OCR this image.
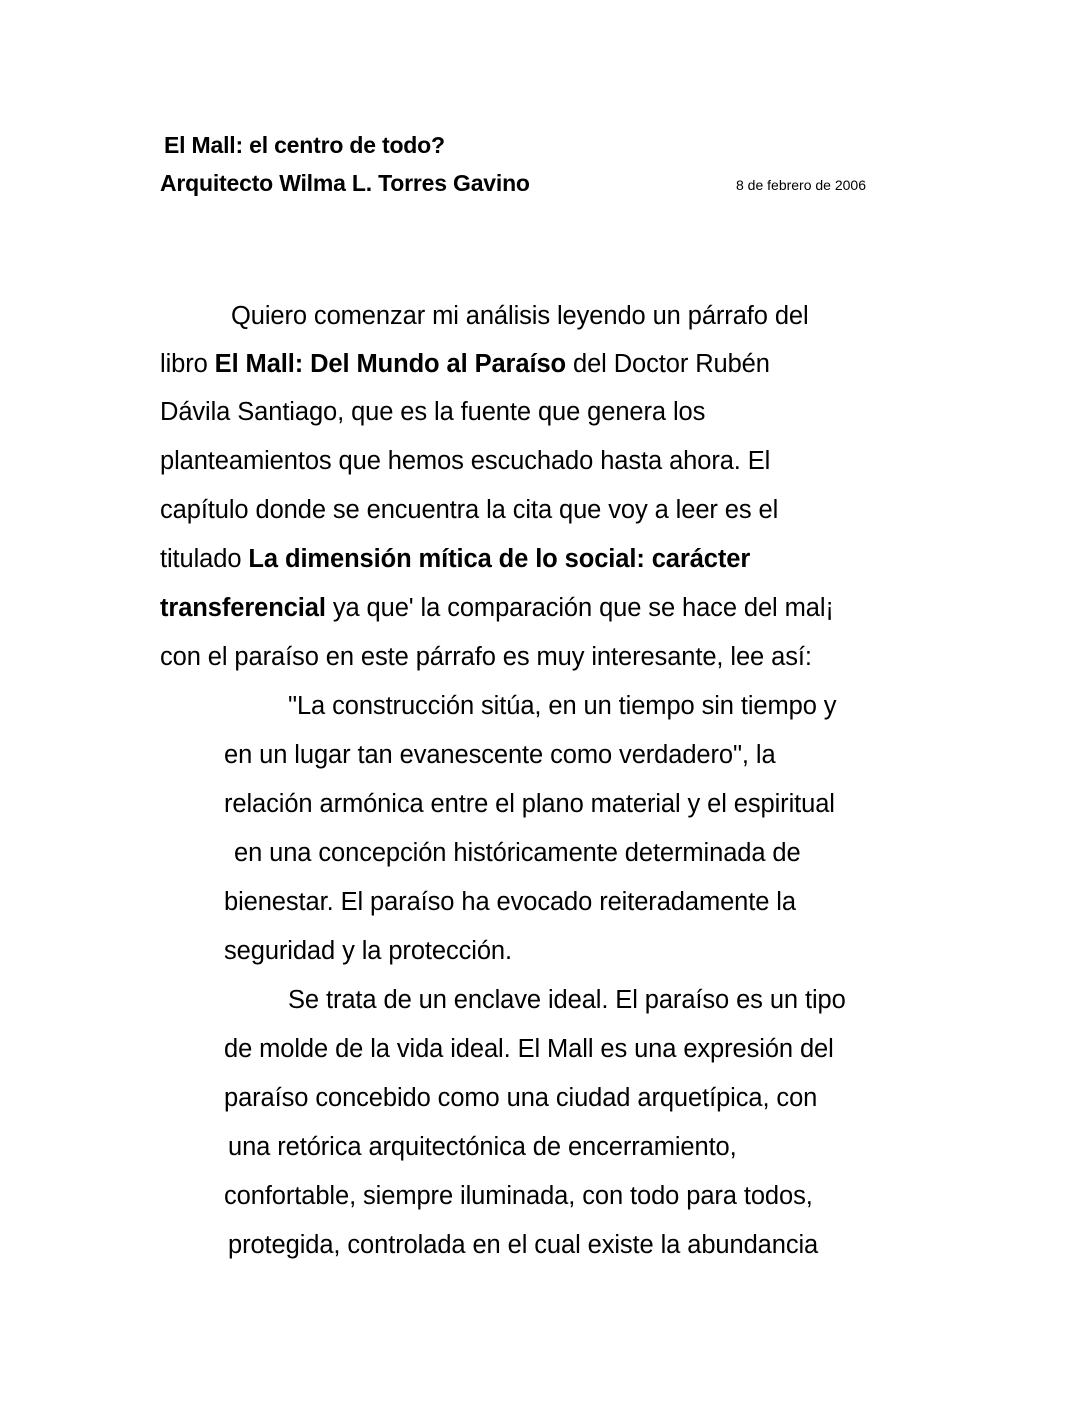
El Mall: el centro de todo?
Arquitecto Wilma L. Torres Gavino	8 de febrero de 2006
Quiero comenzar mi análisis leyendo un párrafo del
libro El Mall: Del Mundo al Paraíso del Doctor Rubén
Dávila Santiago, que es la fuente que genera los
planteamientos que hemos escuchado hasta ahora. El
capítulo donde se encuentra la cita que voy a leer es el
titulado La dimensión mítica de lo social: carácter
transferencial ya que' la comparación que se hace del mal¡
con el paraíso en este párrafo es muy interesante, lee así:
"La construcción sitúa, en un tiempo sin tiempo y
en un lugar tan evanescente como verdadero", la
relación armónica entre el plano material y el espiritual
en una concepción históricamente determinada de
bienestar. El paraíso ha evocado reiteradamente la
seguridad y la protección.
Se trata de un enclave ideal. El paraíso es un tipo
de molde de la vida ideal. El Mall es una expresión del
paraíso concebido como una ciudad arquetípica, con
una retórica arquitectónica de encerramiento,
confortable, siempre iluminada, con todo para todos,
protegida, controlada en el cual existe la abundancia
